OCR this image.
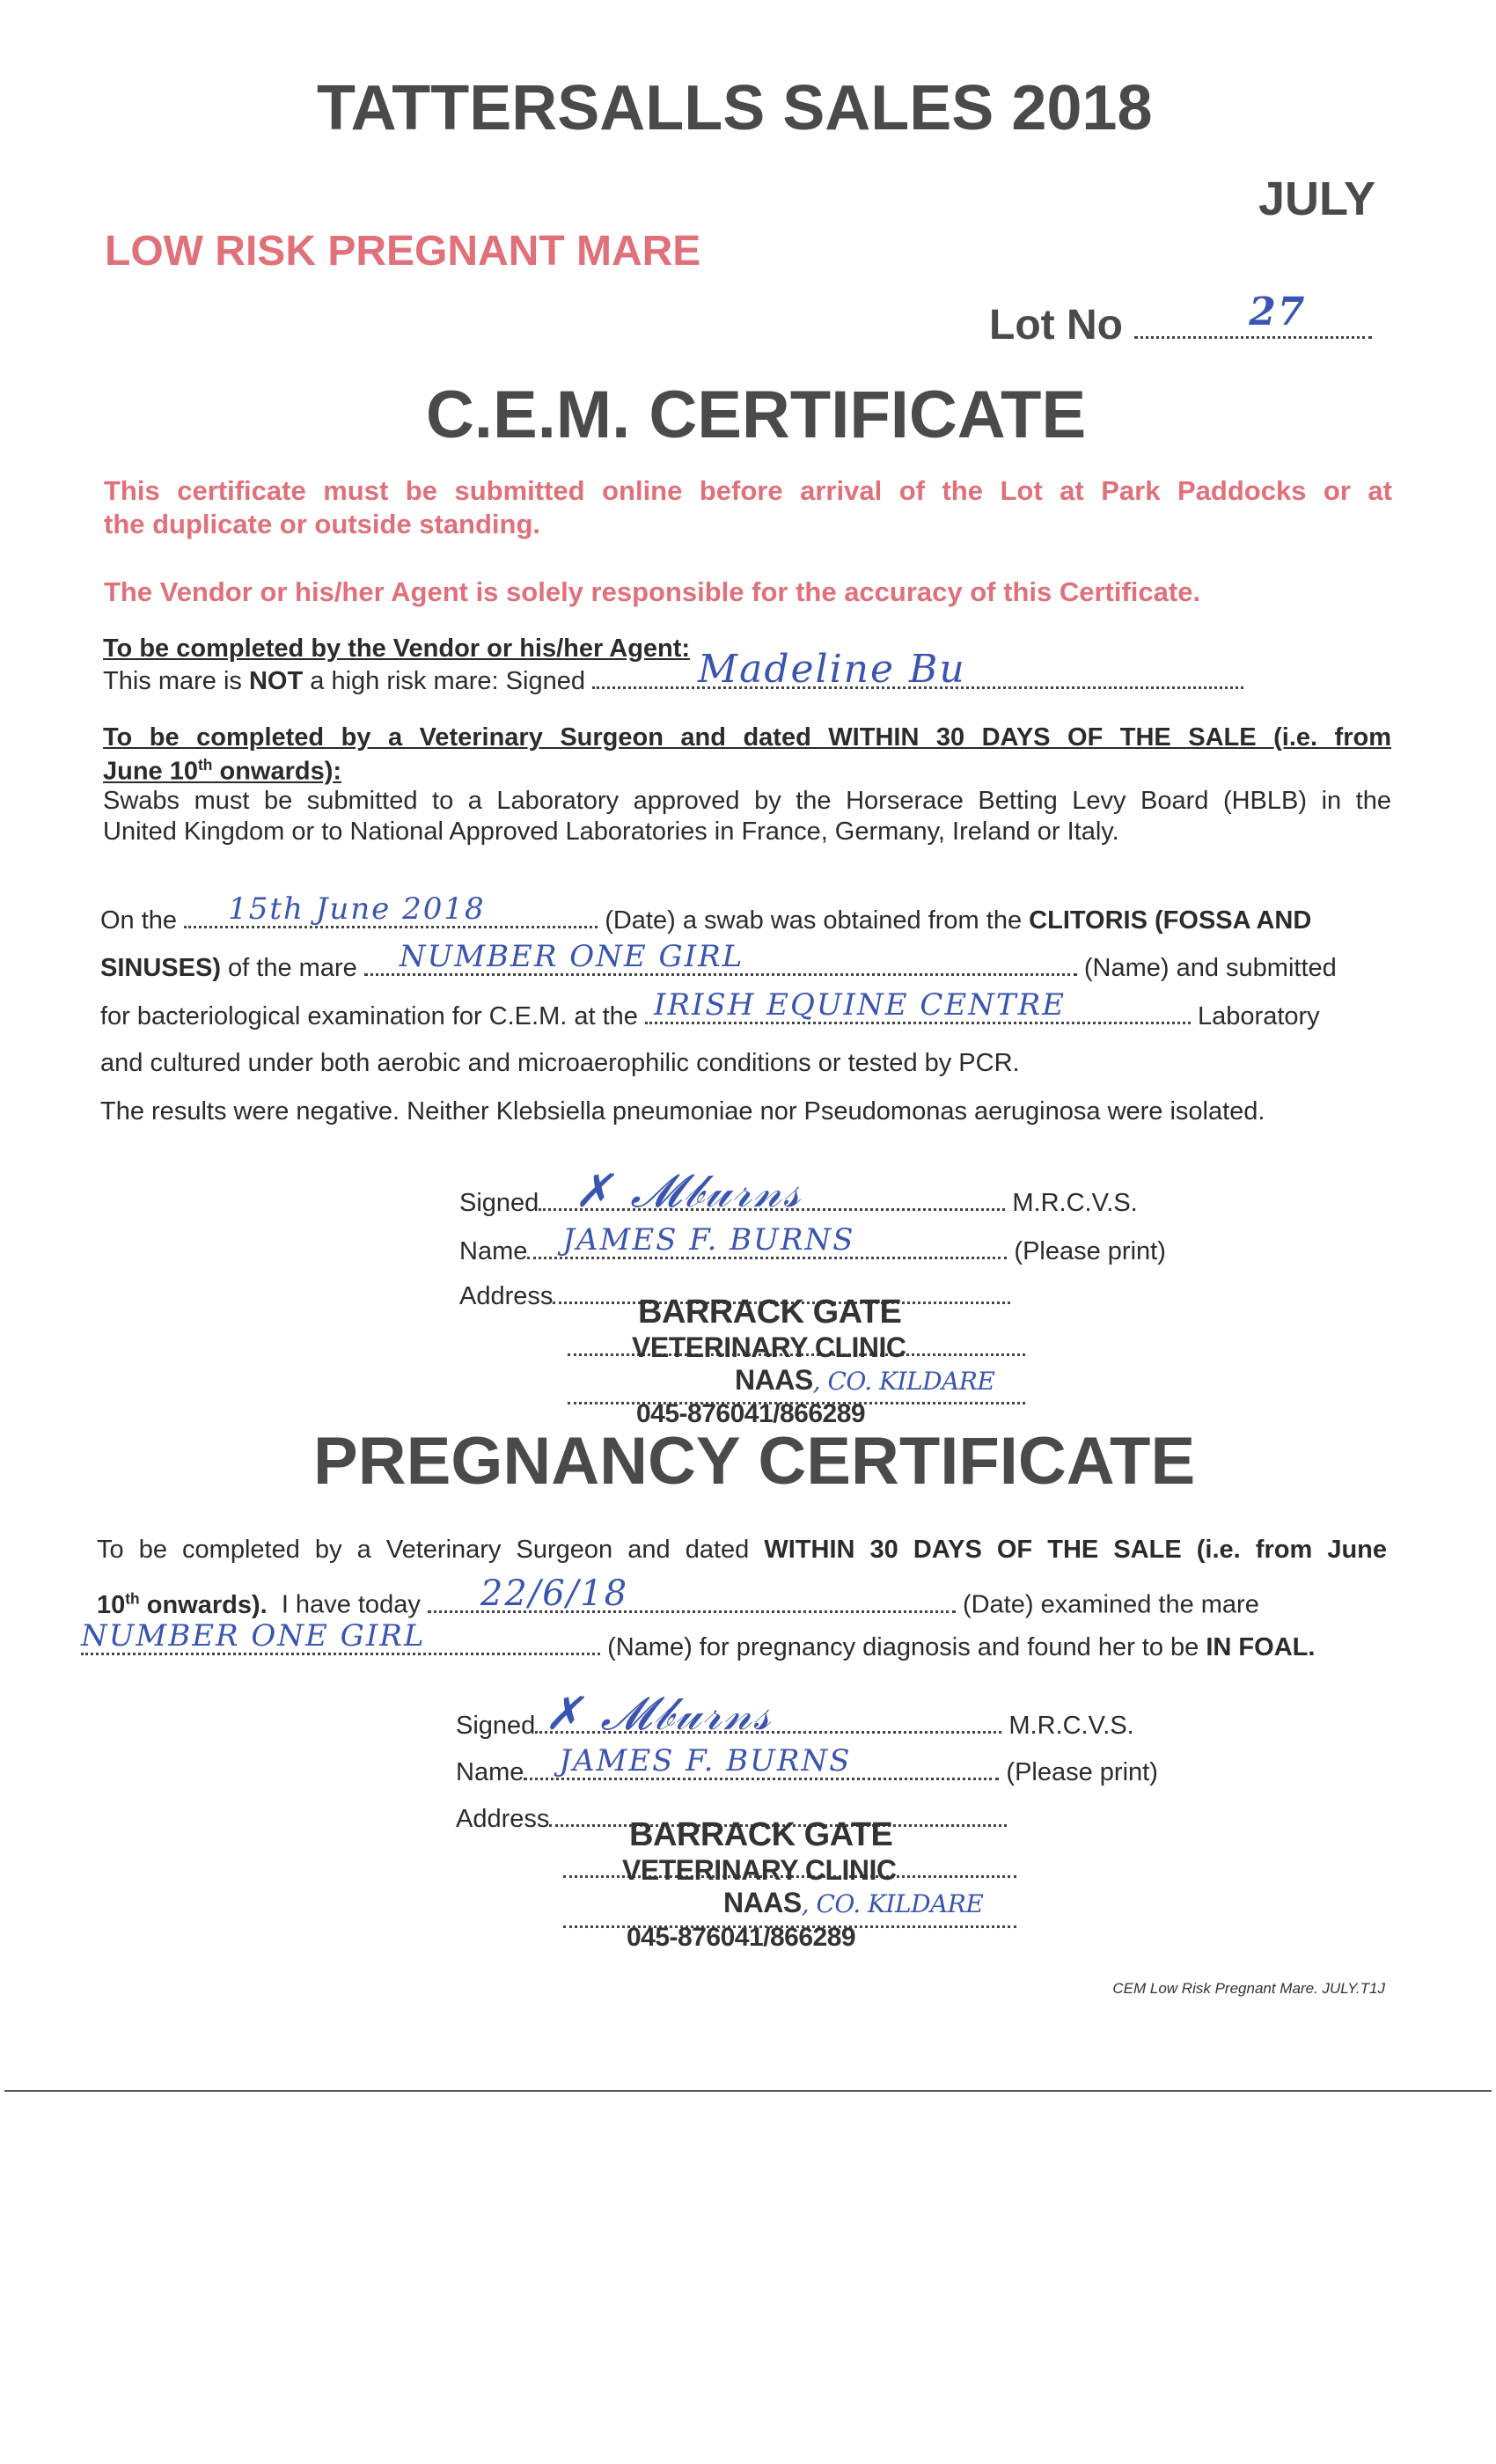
TATTERSALLS SALES 2018
JULY
LOW RISK PREGNANT MARE
Lot No	27
C.E.M. CERTIFICATE
This certificate must be submitted online before arrival of the Lot at Park Paddocks or at
the duplicate or outside standing.
The Vendor or his/her Agent is solely responsible for the accuracy of this Certificate.
To be completed by the Vendor or his/her Agent:
This mare is NOT a high risk mare: Signed	Madeline Bu
To be completed by a Veterinary Surgeon and dated WITHIN 30 DAYS OF THE SALE (i.e. from
June 10th onwards):
Swabs must be submitted to a Laboratory approved by the Horserace Betting Levy Board (HBLB) in the
United Kingdom or to National Approved Laboratories in France, Germany, Ireland or Italy.
On the 15th June 2018	(Date) a swab was obtained from the CLITORIS (FOSSA AND
SINUSES) of the mare NUMBER ONE GIRL	(Name) and submitted
for bacteriological examination for C.E.M. at the IRISH EQUINE CENTRE	Laboratory
and cultured under both aerobic and microaerophilic conditions or tested by PCR.
The results were negative. Neither Klebsiella pneumoniae nor Pseudomonas aeruginosa were isolated.
Signed ✗ 𝓜𝒷𝓊𝓇𝓃𝓈	M.R.C.V.S.
Name JAMES F. BURNS	(Please print)
Address	BARRACK GATE
VETERINARY CLINIC
NAAS, CO. KILDARE
045-876041/866289
PREGNANCY CERTIFICATE
To be completed by a Veterinary Surgeon and dated WITHIN 30 DAYS OF THE SALE (i.e. from June
10th onwards).  I have today 22/6/18	(Date) examined the mare
NUMBER ONE GIRL	(Name) for pregnancy diagnosis and found her to be IN FOAL.
Signed ✗ 𝓜𝒷𝓊𝓇𝓃𝓈	M.R.C.V.S.
Name JAMES F. BURNS	(Please print)
Address	BARRACK GATE
VETERINARY CLINIC
NAAS, CO. KILDARE
045-876041/866289
CEM Low Risk Pregnant Mare. JULY.T1J
